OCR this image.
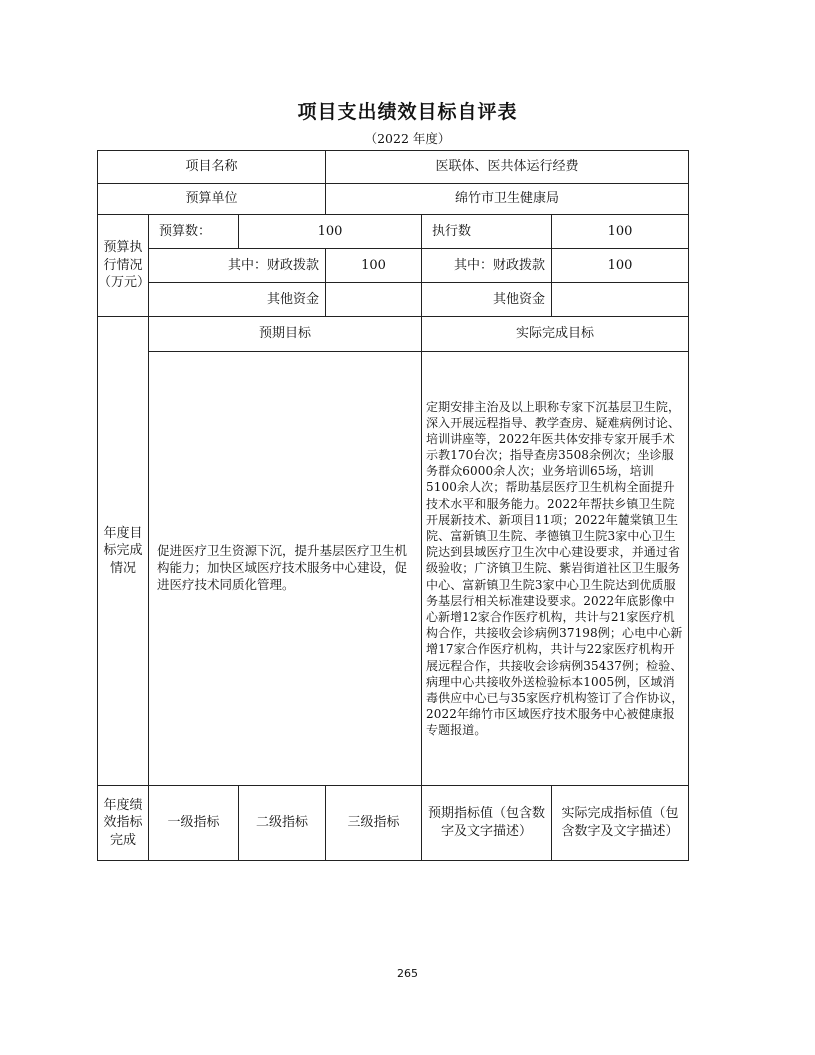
项目支出绩效目标自评表
（2022 年度）
项目名称			医联体、医共体运行经费		
预算单位			绵竹市卫生健康局		
预算执行情况（万元）	预算数：	100		执行数	100
	其中：财政拨款		100	其中：财政拨款	100
	其他资金			其他资金	
年度目标完成情况	预期目标			实际完成目标	
	促进医疗卫生资源下沉，提升基层医疗卫生机构能力；加快区域医疗技术服务中心建设，促进医疗技术同质化管理。			定期安排主治及以上职称专家下沉基层卫生院，深入开展远程指导、教学查房、疑难病例讨论、培训讲座等，2022年医共体安排专家开展手术示教170台次；指导查房3508余例次；坐诊服务群众6000余人次；业务培训65场，培训5100余人次；帮助基层医疗卫生机构全面提升技术水平和服务能力。2022年帮扶乡镇卫生院开展新技术、新项目11项；2022年麓棠镇卫生院、富新镇卫生院、孝德镇卫生院3家中心卫生院达到县域医疗卫生次中心建设要求，并通过省级验收；广济镇卫生院、紫岩街道社区卫生服务中心、富新镇卫生院3家中心卫生院达到优质服务基层行相关标准建设要求。2022年底影像中心新增12家合作医疗机构，共计与21家医疗机构合作，共接收会诊病例37198例；心电中心新增17家合作医疗机构，共计与22家医疗机构开展远程合作，共接收会诊病例35437例；检验、病理中心共接收外送检验标本1005例，区域消毒供应中心已与35家医疗机构签订了合作协议，2022年绵竹市区域医疗技术服务中心被健康报专题报道。	
年度绩效指标完成	一级指标	二级指标	三级指标	预期指标值（包含数字及文字描述）	实际完成指标值（包含数字及文字描述）
265
